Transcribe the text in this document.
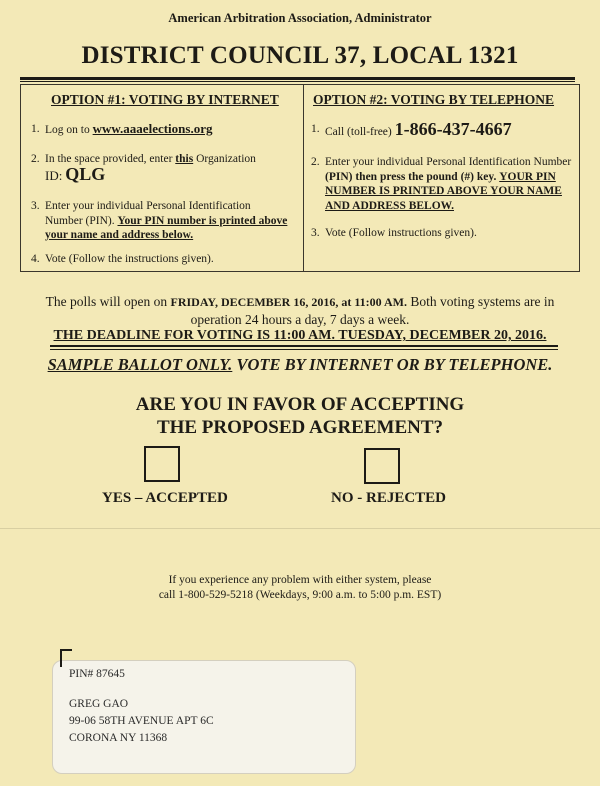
American Arbitration Association, Administrator
DISTRICT COUNCIL 37, LOCAL 1321
OPTION #1: VOTING BY INTERNET
1. Log on to www.aaaelections.org
2. In the space provided, enter this Organization
ID: QLG
3. Enter your individual Personal Identification Number (PIN). Your PIN number is printed above your name and address below.
4. Vote (Follow the instructions given).
OPTION #2: VOTING BY TELEPHONE
1. Call (toll-free) 1-866-437-4667
2. Enter your individual Personal Identification Number (PIN) then press the pound (#) key. YOUR PIN NUMBER IS PRINTED ABOVE YOUR NAME AND ADDRESS BELOW.
3. Vote (Follow instructions given).
The polls will open on FRIDAY, DECEMBER 16, 2016, at 11:00 AM. Both voting systems are in
operation 24 hours a day, 7 days a week.
THE DEADLINE FOR VOTING IS 11:00 AM. TUESDAY, DECEMBER 20, 2016.
SAMPLE BALLOT ONLY. VOTE BY INTERNET OR BY TELEPHONE.
ARE YOU IN FAVOR OF ACCEPTING
THE PROPOSED AGREEMENT?
YES – ACCEPTED	NO - REJECTED
If you experience any problem with either system, please
call 1-800-529-5218 (Weekdays, 9:00 a.m. to 5:00 p.m. EST)
PIN# 87645
GREG GAO
99-06 58TH AVENUE APT 6C
CORONA NY 11368
